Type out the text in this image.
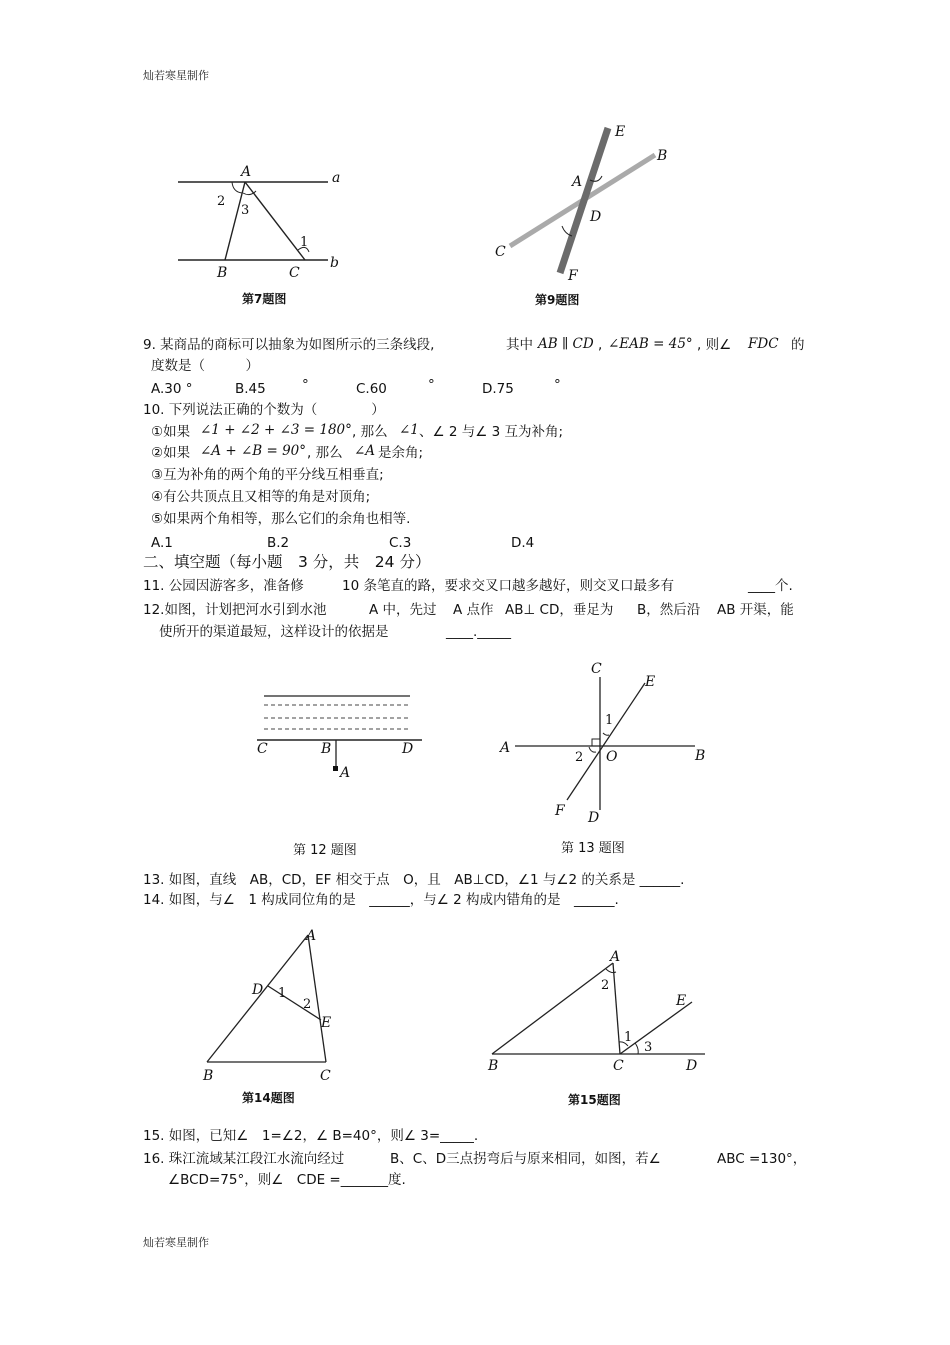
灿若寒星制作
灿若寒星制作
A	a
b
2
3
1
B	C
第7题图
E
B
A
D
C
F
第9题图
9. 某商品的商标可以抽象为如图所示的三条线段,	其中 AB ∥ CD , ∠EAB = 45° , 则∠ FDC 的
度数是（　　　）
A.30 °	B.45	°	C.60	°	D.75	°
10. 下列说法正确的个数为（　　　　）
①如果 ∠1 + ∠2 + ∠3 = 180° , 那么 ∠1 、∠ 2 与∠ 3 互为补角;
②如果 ∠A + ∠B = 90° , 那么 ∠A 是余角;
③互为补角的两个角的平分线互相垂直;
④有公共顶点且又相等的角是对顶角;
⑤如果两个角相等，那么它们的余角也相等.
A.1	B.2	C.3	D.4
二、填空题（每小题　3 分，共　24 分）
11. 公园因游客多，准备修	10 条笔直的路，要求交叉口越多越好，则交叉口最多有	____个.
12.如图，计划把河水引到水池	A 中，先过 A 点作 AB⊥ CD，垂足为 B，然后沿 AB 开渠，能
使所开的渠道最短，这样设计的依据是	____._____
C	B	D
A
第 12 题图
C
E
1
A
2 O	B
F D
第 13 题图
13. 如图，直线　AB，CD，EF 相交于点　O，且　AB⊥CD，∠1 与∠2 的关系是 ______.
14. 如图，与∠　1 构成同位角的是　______，与∠ 2 构成内错角的是　______.
A
D 1
2
E
B	C
第14题图
A
2
E
1
3
B	C	D
第15题图
15. 如图，已知∠　1=∠2，∠ B=40°，则∠ 3=_____.
16. 珠江流域某江段江水流向经过	B、C、D三点拐弯后与原来相同，如图，若∠	ABC =130°，
∠BCD=75°，则∠　CDE =_______度.
